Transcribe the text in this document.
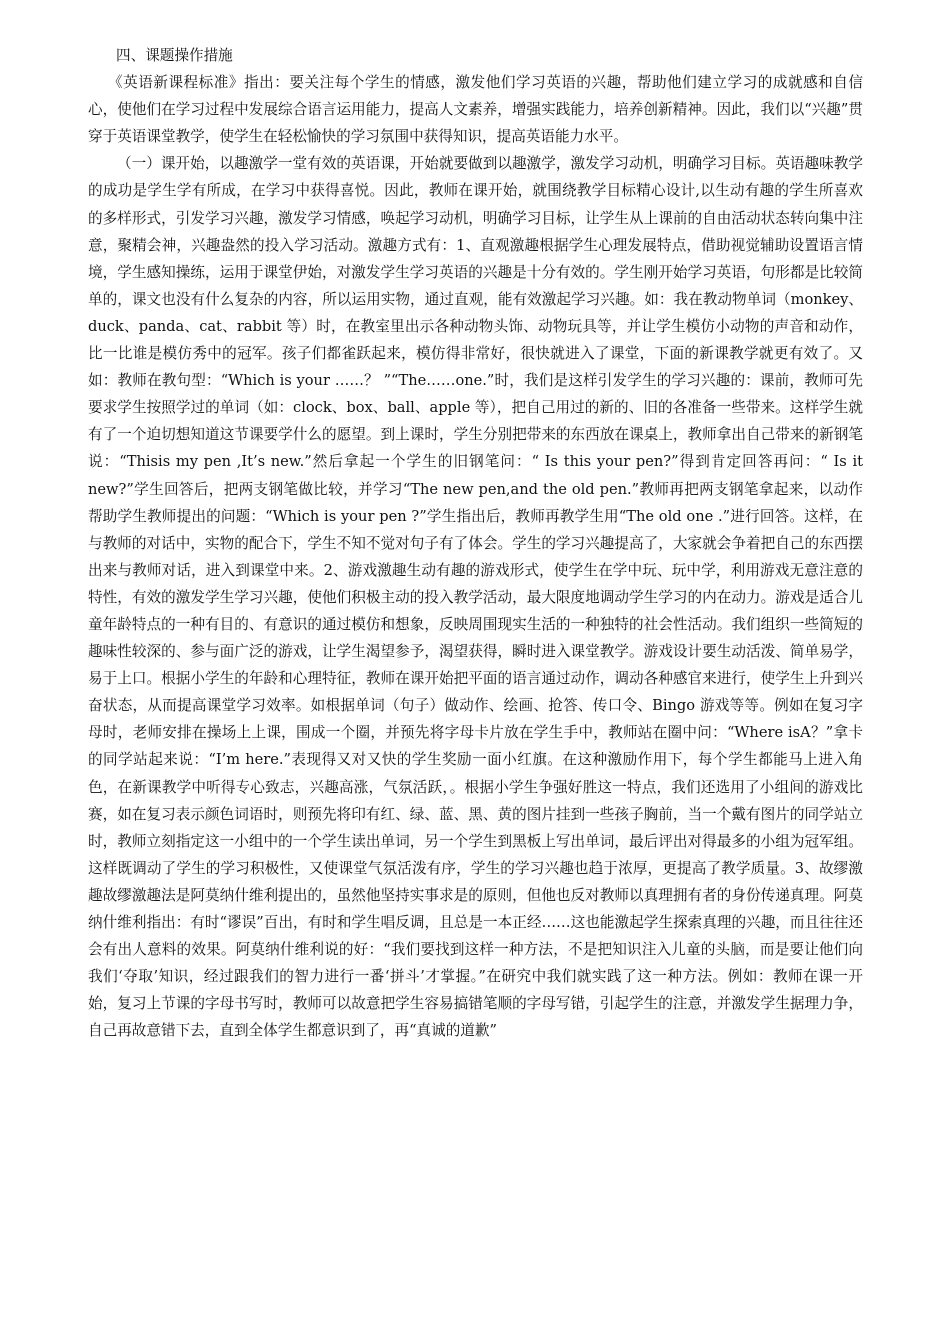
四、课题操作措施

《英语新课程标准》指出：要关注每个学生的情感，激发他们学习英语的兴趣，帮助他们建立学习的成就感和自信心，使他们在学习过程中发展综合语言运用能力，提高人文素养，增强实践能力，培养创新精神。因此，我们以“兴趣”贯穿于英语课堂教学，使学生在轻松愉快的学习氛围中获得知识，提高英语能力水平。

（一）课开始，以趣激学一堂有效的英语课，开始就要做到以趣激学，激发学习动机，明确学习目标。英语趣味教学的成功是学生学有所成，在学习中获得喜悦。因此，教师在课开始，就围绕教学目标精心设计,以生动有趣的学生所喜欢的多样形式，引发学习兴趣，激发学习情感，唤起学习动机，明确学习目标，让学生从上课前的自由活动状态转向集中注意，聚精会神，兴趣盎然的投入学习活动。激趣方式有：1、直观激趣根据学生心理发展特点，借助视觉辅助设置语言情境，学生感知操练，运用于课堂伊始，对激发学生学习英语的兴趣是十分有效的。学生刚开始学习英语，句形都是比较简单的，课文也没有什么复杂的内容，所以运用实物，通过直观，能有效激起学习兴趣。如：我在教动物单词（monkey、duck、panda、cat、rabbit 等）时，在教室里出示各种动物头饰、动物玩具等，并让学生模仿小动物的声音和动作，比一比谁是模仿秀中的冠军。孩子们都雀跃起来，模仿得非常好，很快就进入了课堂，下面的新课教学就更有效了。又如：教师在教句型：“Which is your ……？ ”“The……one.”时，我们是这样引发学生的学习兴趣的：课前，教师可先要求学生按照学过的单词（如：clock、box、ball、apple 等），把自己用过的新的、旧的各准备一些带来。这样学生就有了一个迫切想知道这节课要学什么的愿望。到上课时，学生分别把带来的东西放在课桌上，教师拿出自己带来的新钢笔说：“Thisis my pen ,It’s new.”然后拿起一个学生的旧钢笔问：“ Is this your pen?”得到肯定回答再问：“ Is it new?”学生回答后，把两支钢笔做比较，并学习“The new pen,and the old pen.”教师再把两支钢笔拿起来，以动作帮助学生教师提出的问题：“Which is your pen ?”学生指出后，教师再教学生用“The old one .”进行回答。这样，在与教师的对话中，实物的配合下，学生不知不觉对句子有了体会。学生的学习兴趣提高了，大家就会争着把自己的东西摆出来与教师对话，进入到课堂中来。2、游戏激趣生动有趣的游戏形式，使学生在学中玩、玩中学，利用游戏无意注意的特性，有效的激发学生学习兴趣，使他们积极主动的投入教学活动，最大限度地调动学生学习的内在动力。游戏是适合儿童年龄特点的一种有目的、有意识的通过模仿和想象，反映周围现实生活的一种独特的社会性活动。我们组织一些简短的趣味性较深的、参与面广泛的游戏，让学生渴望参予，渴望获得，瞬时进入课堂教学。游戏设计要生动活泼、简单易学，易于上口。根据小学生的年龄和心理特征，教师在课开始把平面的语言通过动作，调动各种感官来进行，使学生上升到兴奋状态，从而提高课堂学习效率。如根据单词（句子）做动作、绘画、抢答、传口令、Bingo 游戏等等。例如在复习字母时，老师安排在操场上上课，围成一个圈，并预先将字母卡片放在学生手中，教师站在圈中问：“Where isA？”拿卡的同学站起来说：“I’m here.”表现得又对又快的学生奖励一面小红旗。在这种激励作用下，每个学生都能马上进入角色，在新课教学中听得专心致志，兴趣高涨，气氛活跃，。根据小学生争强好胜这一特点，我们还选用了小组间的游戏比赛，如在复习表示颜色词语时，则预先将印有红、绿、蓝、黑、黄的图片挂到一些孩子胸前，当一个戴有图片的同学站立时，教师立刻指定这一小组中的一个学生读出单词，另一个学生到黑板上写出单词，最后评出对得最多的小组为冠军组。这样既调动了学生的学习积极性，又使课堂气氛活泼有序，学生的学习兴趣也趋于浓厚，更提高了教学质量。3、故缪激趣故缪激趣法是阿莫纳什维利提出的，虽然他坚持实事求是的原则，但他也反对教师以真理拥有者的身份传递真理。阿莫纳什维利指出：有时“谬误”百出，有时和学生唱反调，且总是一本正经……这也能激起学生探索真理的兴趣，而且往往还会有出人意料的效果。阿莫纳什维利说的好：“我们要找到这样一种方法，不是把知识注入儿童的头脑，而是要让他们向我们‘夺取’知识，经过跟我们的智力进行一番‘拼斗’才掌握。”在研究中我们就实践了这一种方法。例如：教师在课一开始，复习上节课的字母书写时，教师可以故意把学生容易搞错笔顺的字母写错，引起学生的注意，并激发学生据理力争，自己再故意错下去，直到全体学生都意识到了，再“真诚的道歉”
